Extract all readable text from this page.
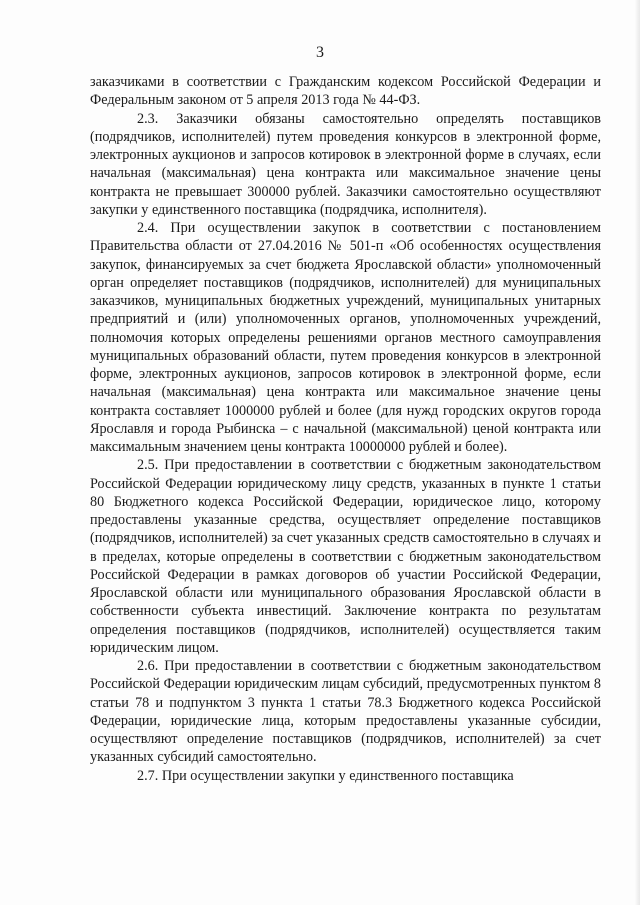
3

заказчиками в соответствии с Гражданским кодексом Российской Федерации и Федеральным законом от 5 апреля 2013 года № 44-ФЗ.

2.3. Заказчики обязаны самостоятельно определять поставщиков (подрядчиков, исполнителей) путем проведения конкурсов в электронной форме, электронных аукционов и запросов котировок в электронной форме в случаях, если начальная (максимальная) цена контракта или максимальное значение цены контракта не превышает 300000 рублей. Заказчики самостоятельно осуществляют закупки у единственного поставщика (подрядчика, исполнителя).

2.4. При осуществлении закупок в соответствии с постановлением Правительства области от 27.04.2016 № 501-п «Об особенностях осуществления закупок, финансируемых за счет бюджета Ярославской области» уполномоченный орган определяет поставщиков (подрядчиков, исполнителей) для муниципальных заказчиков, муниципальных бюджетных учреждений, муниципальных унитарных предприятий и (или) уполномоченных органов, уполномоченных учреждений, полномочия которых определены решениями органов местного самоуправления муниципальных образований области, путем проведения конкурсов в электронной форме, электронных аукционов, запросов котировок в электронной форме, если начальная (максимальная) цена контракта или максимальное значение цены контракта составляет 1000000 рублей и более (для нужд городских округов города Ярославля и города Рыбинска – с начальной (максимальной) ценой контракта или максимальным значением цены контракта 10000000 рублей и более).

2.5. При предоставлении в соответствии с бюджетным законодательством Российской Федерации юридическому лицу средств, указанных в пункте 1 статьи 80 Бюджетного кодекса Российской Федерации, юридическое лицо, которому предоставлены указанные средства, осуществляет определение поставщиков (подрядчиков, исполнителей) за счет указанных средств самостоятельно в случаях и в пределах, которые определены в соответствии с бюджетным законодательством Российской Федерации в рамках договоров об участии Российской Федерации, Ярославской области или муниципального образования Ярославской области в собственности субъекта инвестиций. Заключение контракта по результатам определения поставщиков (подрядчиков, исполнителей) осуществляется таким юридическим лицом.

2.6. При предоставлении в соответствии с бюджетным законодательством Российской Федерации юридическим лицам субсидий, предусмотренных пунктом 8 статьи 78 и подпунктом 3 пункта 1 статьи 78.3 Бюджетного кодекса Российской Федерации, юридические лица, которым предоставлены указанные субсидии, осуществляют определение поставщиков (подрядчиков, исполнителей) за счет указанных субсидий самостоятельно.

2.7. При осуществлении закупки у единственного поставщика
